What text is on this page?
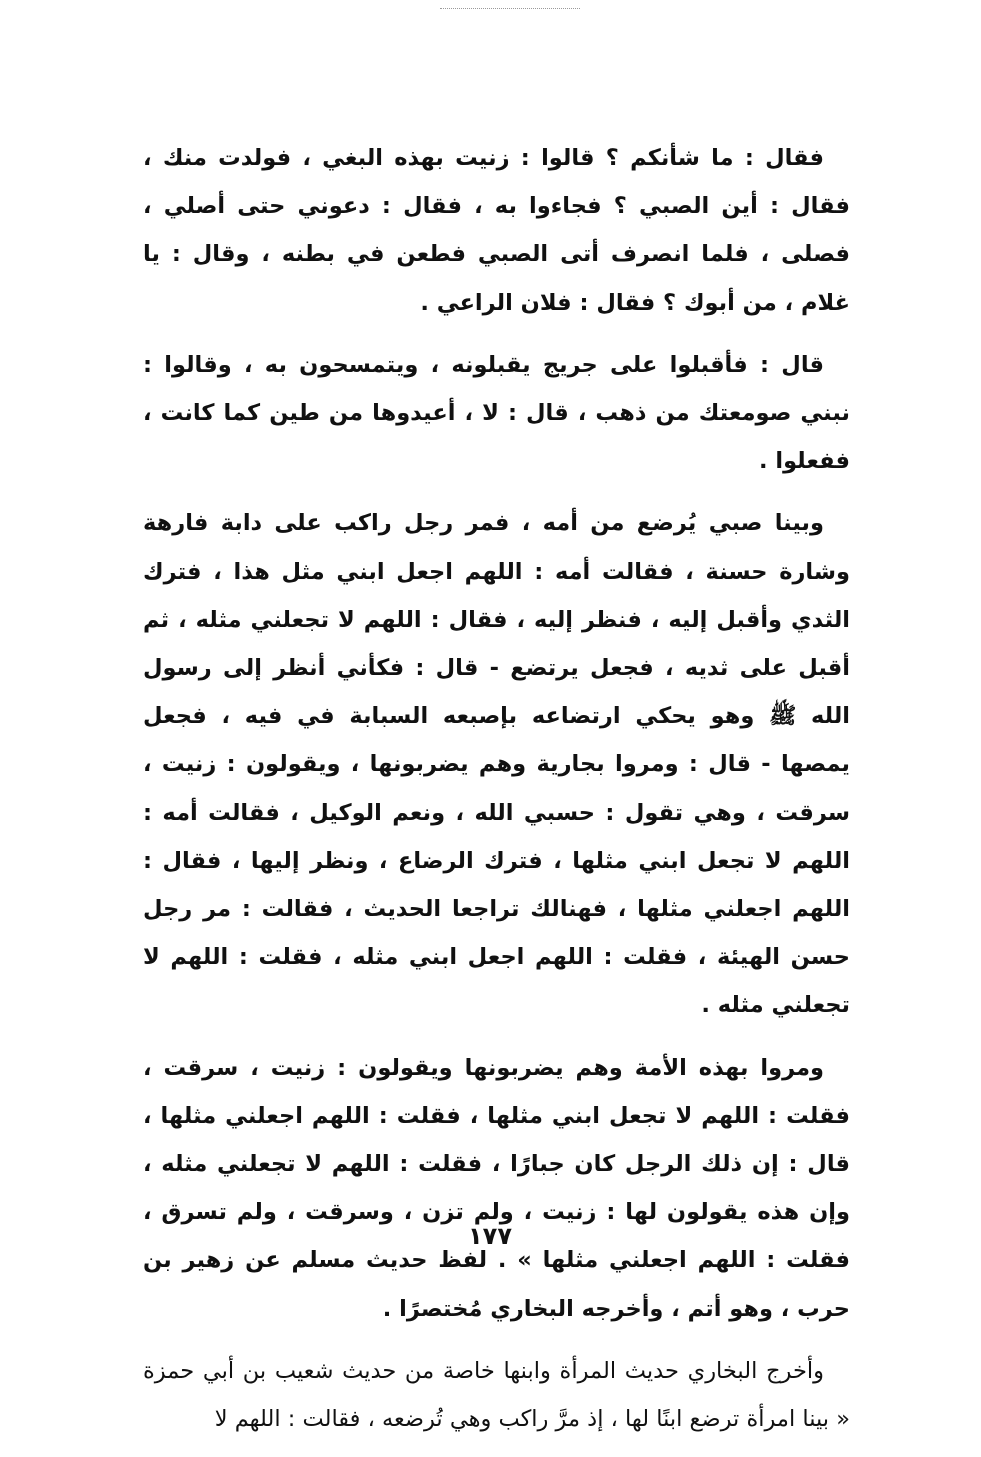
فقال : ما شأنكم ؟ قالوا : زنيت بهذه البغي ، فولدت منك ، فقال : أين الصبي ؟ فجاءوا به ، فقال : دعوني حتى أصلي ، فصلى ، فلما انصرف أتى الصبي فطعن في بطنه ، وقال : يا غلام ، من أبوك ؟ فقال : فلان الراعي .

قال : فأقبلوا على جريج يقبلونه ، ويتمسحون به ، وقالوا : نبني صومعتك من ذهب ، قال : لا ، أعيدوها من طين كما كانت ، ففعلوا .

وبينا صبي يُرضع من أمه ، فمر رجل راكب على دابة فارهة وشارة حسنة ، فقالت أمه : اللهم اجعل ابني مثل هذا ، فترك الثدي وأقبل إليه ، فنظر إليه ، فقال : اللهم لا تجعلني مثله ، ثم أقبل على ثديه ، فجعل يرتضع - قال : فكأني أنظر إلى رسول الله ﷺ وهو يحكي ارتضاعه بإصبعه السبابة في فيه ، فجعل يمصها - قال : ومروا بجارية وهم يضربونها ، ويقولون : زنيت ، سرقت ، وهي تقول : حسبي الله ، ونعم الوكيل ، فقالت أمه : اللهم لا تجعل ابني مثلها ، فترك الرضاع ، ونظر إليها ، فقال : اللهم اجعلني مثلها ، فهنالك تراجعا الحديث ، فقالت : مر رجل حسن الهيئة ، فقلت : اللهم اجعل ابني مثله ، فقلت : اللهم لا تجعلني مثله .

ومروا بهذه الأمة وهم يضربونها ويقولون : زنيت ، سرقت ، فقلت : اللهم لا تجعل ابني مثلها ، فقلت : اللهم اجعلني مثلها ، قال : إن ذلك الرجل كان جبارًا ، فقلت : اللهم لا تجعلني مثله ، وإن هذه يقولون لها : زنيت ، ولم تزن ، وسرقت ، ولم تسرق ، فقلت : اللهم اجعلني مثلها » . لفظ حديث مسلم عن زهير بن حرب ، وهو أتم ، وأخرجه البخاري مُختصرًا .

وأخرج البخاري حديث المرأة وابنها خاصة من حديث شعيب بن أبي حمزة « بينا امرأة ترضع ابنًا لها ، إذ مرَّ راكب وهي تُرضعه ، فقالت : اللهم لا

١٧٧
